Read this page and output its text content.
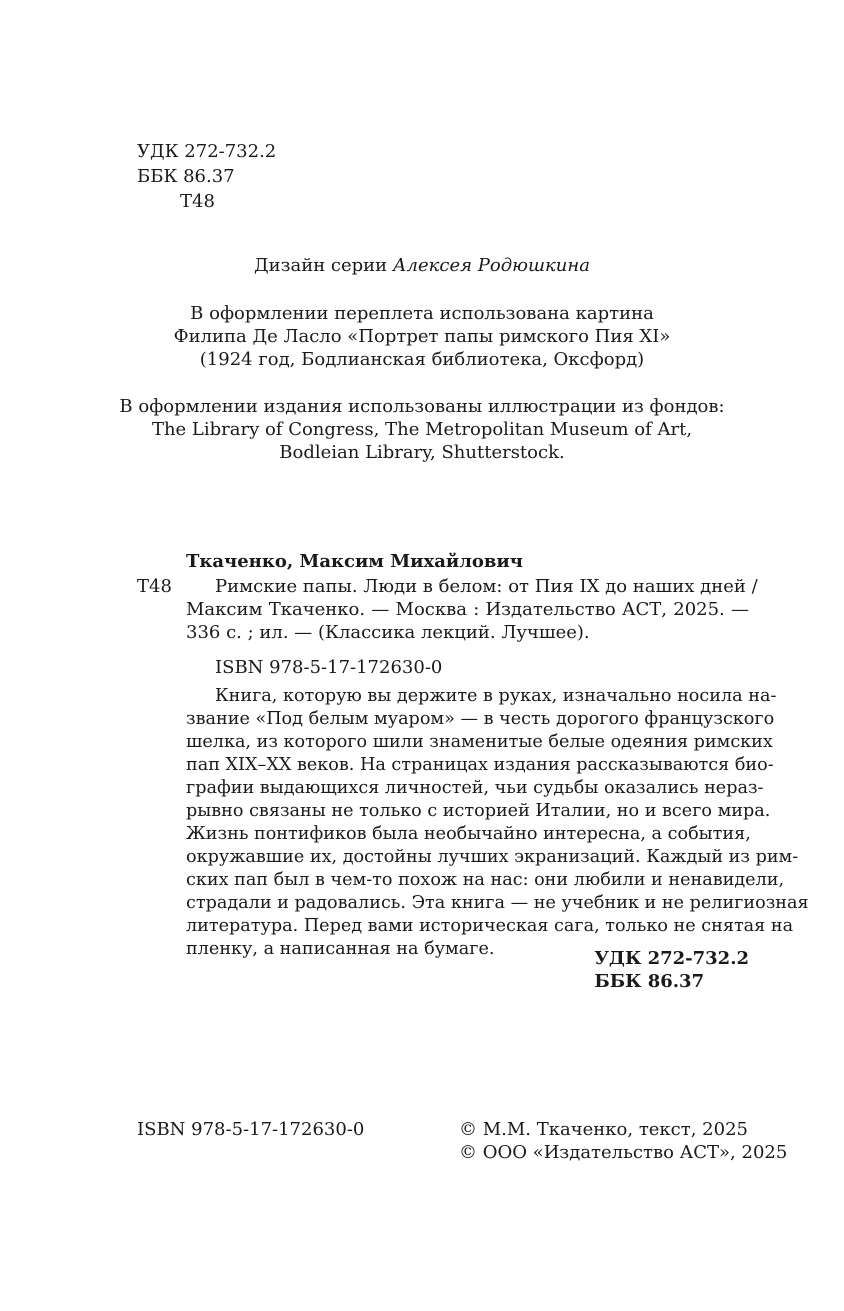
УДК 272-732.2
ББК 86.37
Т48
Дизайн серии Алексея Родюшкина
В оформлении переплета использована картина
Филипа Де Ласло «Портрет папы римского Пия XI»
(1924 год, Бодлианская библиотека, Оксфорд)
В оформлении издания использованы иллюстрации из фондов:
The Library of Congress, The Metropolitan Museum of Art,
Bodleian Library, Shutterstock.
Ткаченко, Максим Михайлович
Т48	Римские папы. Люди в белом: от Пия IX до наших дней /
Максим Ткаченко. — Москва : Издательство АСТ, 2025. —
336 с. ; ил. — (Классика лекций. Лучшее).
ISBN 978-5-17-172630-0
Книга, которую вы держите в руках, изначально носила на-
звание «Под белым муаром» — в честь дорогого французского
шелка, из которого шили знаменитые белые одеяния римских
пап XIX–XX веков. На страницах издания рассказываются био-
графии выдающихся личностей, чьи судьбы оказались нераз-
рывно связаны не только с историей Италии, но и всего мира.
Жизнь понтификов была необычайно интересна, а события,
окружавшие их, достойны лучших экранизаций. Каждый из рим-
ских пап был в чем-то похож на нас: они любили и ненавидели,
страдали и радовались. Эта книга — не учебник и не религиозная
литература. Перед вами историческая сага, только не снятая на
пленку, а написанная на бумаге.	УДК 272-732.2
ББК 86.37
ISBN 978-5-17-172630-0	© М.М. Ткаченко, текст, 2025
© ООО «Издательство АСТ», 2025
